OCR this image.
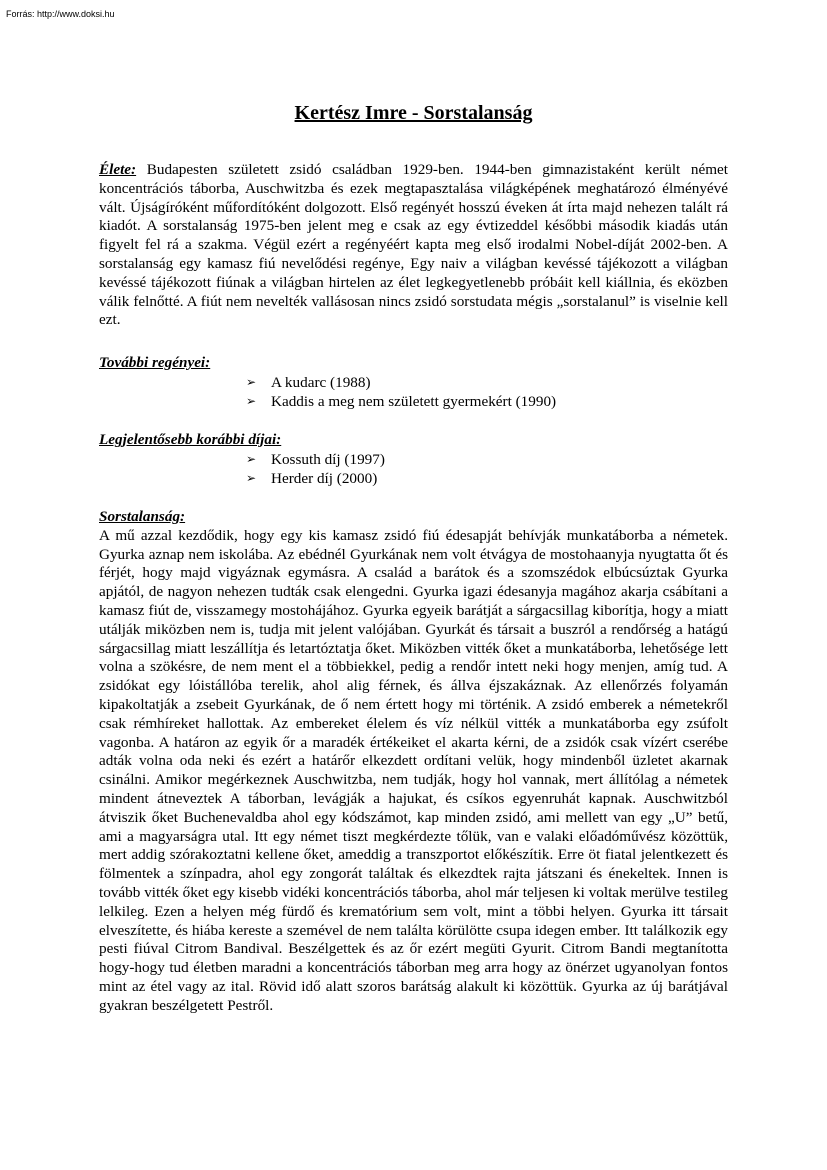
Forrás: http://www.doksi.hu
Kertész Imre - Sorstalanság

Élete: Budapesten született zsidó családban 1929-ben. 1944-ben gimnazistaként került német koncentrációs táborba, Auschwitzba és ezek megtapasztalása világképének meghatározó élményévé vált. Újságíróként műfordítóként dolgozott. Első regényét hosszú éveken át írta majd nehezen talált rá kiadót. A sorstalanság 1975-ben jelent meg e csak az egy évtizeddel későbbi második kiadás után figyelt fel rá a szakma. Végül ezért a regényéért kapta meg első irodalmi Nobel-díját 2002-ben. A sorstalanság egy kamasz fiú nevelődési regénye, Egy naiv a világban kevéssé tájékozott a világban kevéssé tájékozott fiúnak a világban hirtelen az élet legkegyetlenebb próbáit kell kiállnia, és eközben válik felnőtté. A fiút nem nevelték vallásosan nincs zsidó sorstudata mégis „sorstalanul” is viselnie kell ezt.

További regényei:

➢ A kudarc (1988)
➢ Kaddis a meg nem született gyermekért (1990)

Legjelentősebb korábbi díjai:

➢ Kossuth díj (1997)
➢ Herder díj (2000)

Sorstalanság:

A mű azzal kezdődik, hogy egy kis kamasz zsidó fiú édesapját behívják munkatáborba a németek. Gyurka aznap nem iskolába. Az ebédnél Gyurkának nem volt étvágya de mostohaanyja nyugtatta őt és férjét, hogy majd vigyáznak egymásra. A család a barátok és a szomszédok elbúcsúztak Gyurka apjától, de nagyon nehezen tudták csak elengedni. Gyurka igazi édesanyja magához akarja csábítani a kamasz fiút de, visszamegy mostohájához. Gyurka egyeik barátját a sárgacsillag kiborítja, hogy a miatt utálják miközben nem is, tudja mit jelent valójában. Gyurkát és társait a buszról a rendőrség a hatágú sárgacsillag miatt leszállítja és letartóztatja őket. Miközben vitték őket a munkatáborba, lehetősége lett volna a szökésre, de nem ment el a többiekkel, pedig a rendőr intett neki hogy menjen, amíg tud. A zsidókat egy lóistállóba terelik, ahol alig férnek, és állva éjszakáznak. Az ellenőrzés folyamán kipakoltatják a zsebeit Gyurkának, de ő nem értett hogy mi történik. A zsidó emberek a németekről csak rémhíreket hallottak. Az embereket élelem és víz nélkül vitték a munkatáborba egy zsúfolt vagonba. A határon az egyik őr a maradék értékeiket el akarta kérni, de a zsidók csak vízért cserébe adták volna oda neki és ezért a határőr elkezdett ordítani velük, hogy mindenből üzletet akarnak csinálni. Amikor megérkeznek Auschwitzba, nem tudják, hogy hol vannak, mert állítólag a németek mindent átneveztek A táborban, levágják a hajukat, és csíkos egyenruhát kapnak. Auschwitzból átviszik őket Buchenevaldba ahol egy kódszámot, kap minden zsidó, ami mellett van egy „U” betű, ami a magyarságra utal. Itt egy német tiszt megkérdezte tőlük, van e valaki előadóművész közöttük, mert addig szórakoztatni kellene őket, ameddig a transzportot előkészítik. Erre öt fiatal jelentkezett és fölmentek a színpadra, ahol egy zongorát találtak és elkezdtek rajta játszani és énekeltek. Innen is tovább vitték őket egy kisebb vidéki koncentrációs táborba, ahol már teljesen ki voltak merülve testileg lelkileg. Ezen a helyen még fürdő és krematórium sem volt, mint a többi helyen. Gyurka itt társait elveszítette, és hiába kereste a szemével de nem találta körülötte csupa idegen ember. Itt találkozik egy pesti fiúval Citrom Bandival. Beszélgettek és az őr ezért megüti Gyurit. Citrom Bandi megtanította hogy-hogy tud életben maradni a koncentrációs táborban meg arra hogy az önérzet ugyanolyan fontos mint az étel vagy az ital. Rövid idő alatt szoros barátság alakult ki közöttük. Gyurka az új barátjával gyakran beszélgetett Pestről.
